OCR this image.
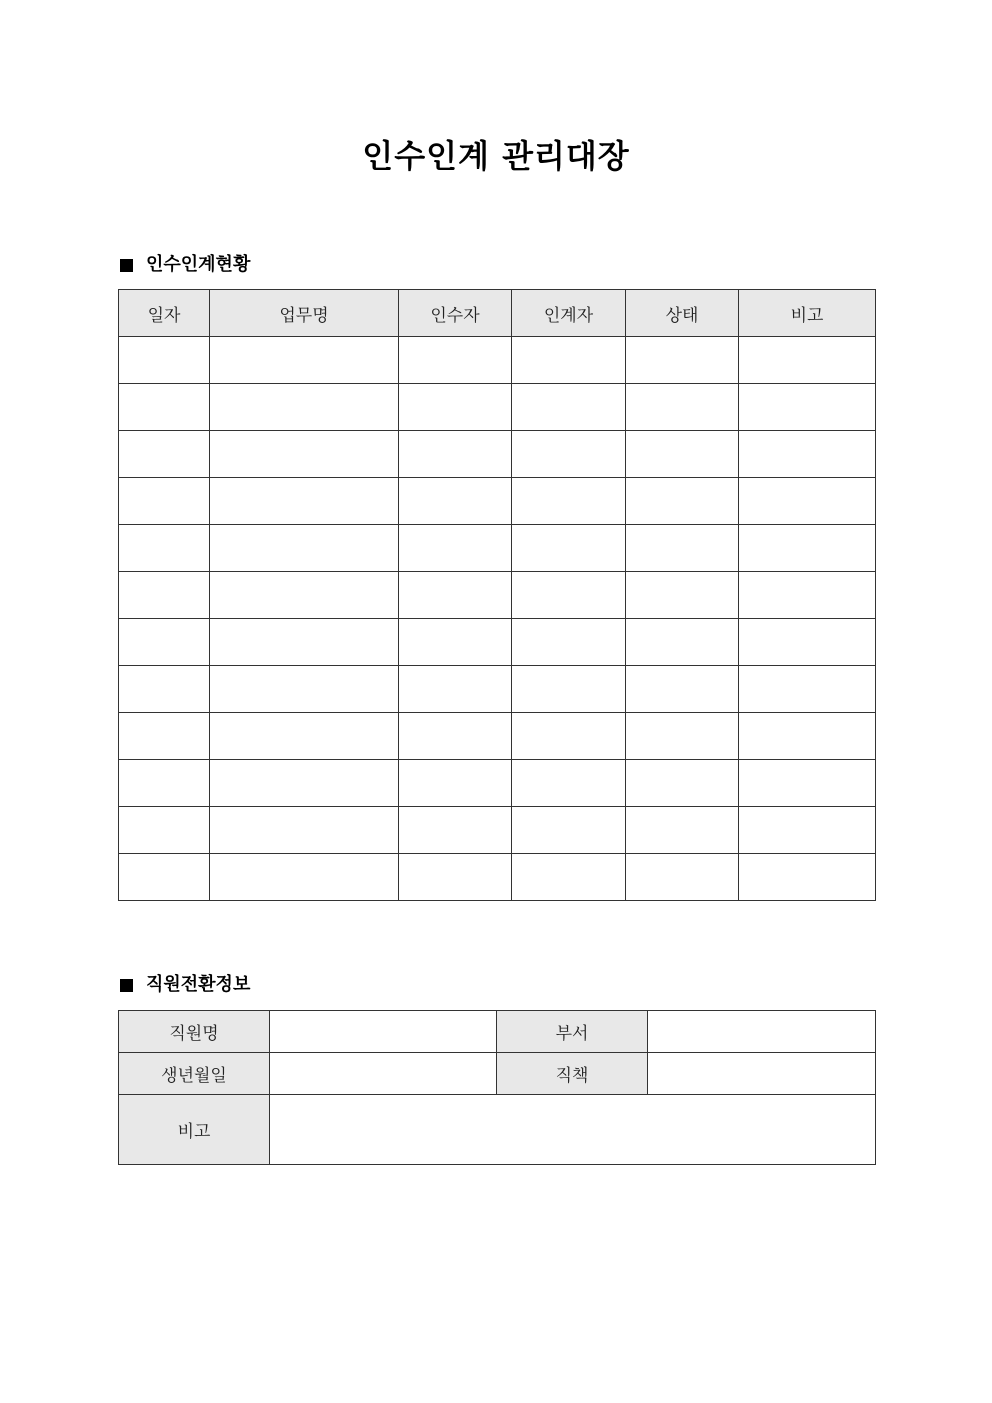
인수인계 관리대장
인수인계현황
일자	업무명	인수자	인계자	상태	비고

직원전환정보
직원명		부서	
생년월일		직책	
비고			
